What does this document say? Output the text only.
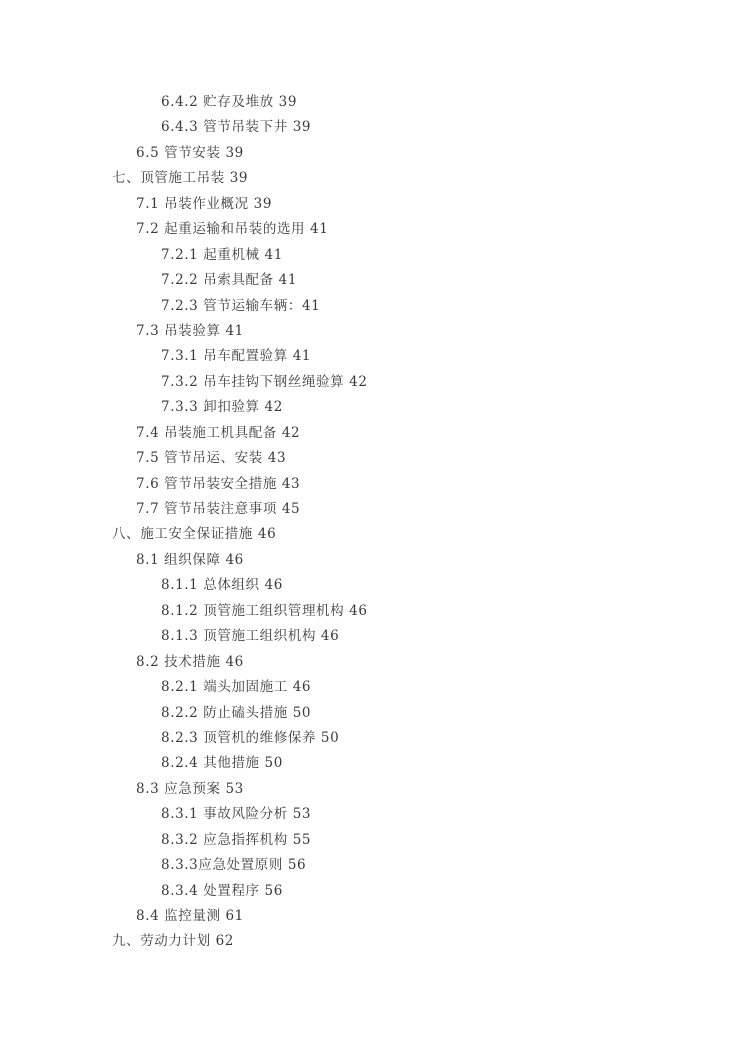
6.4.2 贮存及堆放 39
6.4.3 管节吊装下井 39
6.5 管节安装 39
七、顶管施工吊装 39
7.1 吊装作业概况 39
7.2 起重运输和吊装的选用 41
7.2.1 起重机械 41
7.2.2 吊索具配备 41
7.2.3 管节运输车辆：41
7.3 吊装验算 41
7.3.1 吊车配置验算 41
7.3.2 吊车挂钩下钢丝绳验算 42
7.3.3 卸扣验算 42
7.4 吊装施工机具配备 42
7.5 管节吊运、安装 43
7.6 管节吊装安全措施 43
7.7 管节吊装注意事项 45
八、施工安全保证措施 46
8.1 组织保障 46
8.1.1 总体组织 46
8.1.2 顶管施工组织管理机构 46
8.1.3 顶管施工组织机构 46
8.2 技术措施 46
8.2.1 端头加固施工 46
8.2.2 防止磕头措施 50
8.2.3 顶管机的维修保养 50
8.2.4 其他措施 50
8.3 应急预案 53
8.3.1 事故风险分析 53
8.3.2 应急指挥机构 55
8.3.3应急处置原则 56
8.3.4 处置程序 56
8.4 监控量测 61
九、劳动力计划 62
